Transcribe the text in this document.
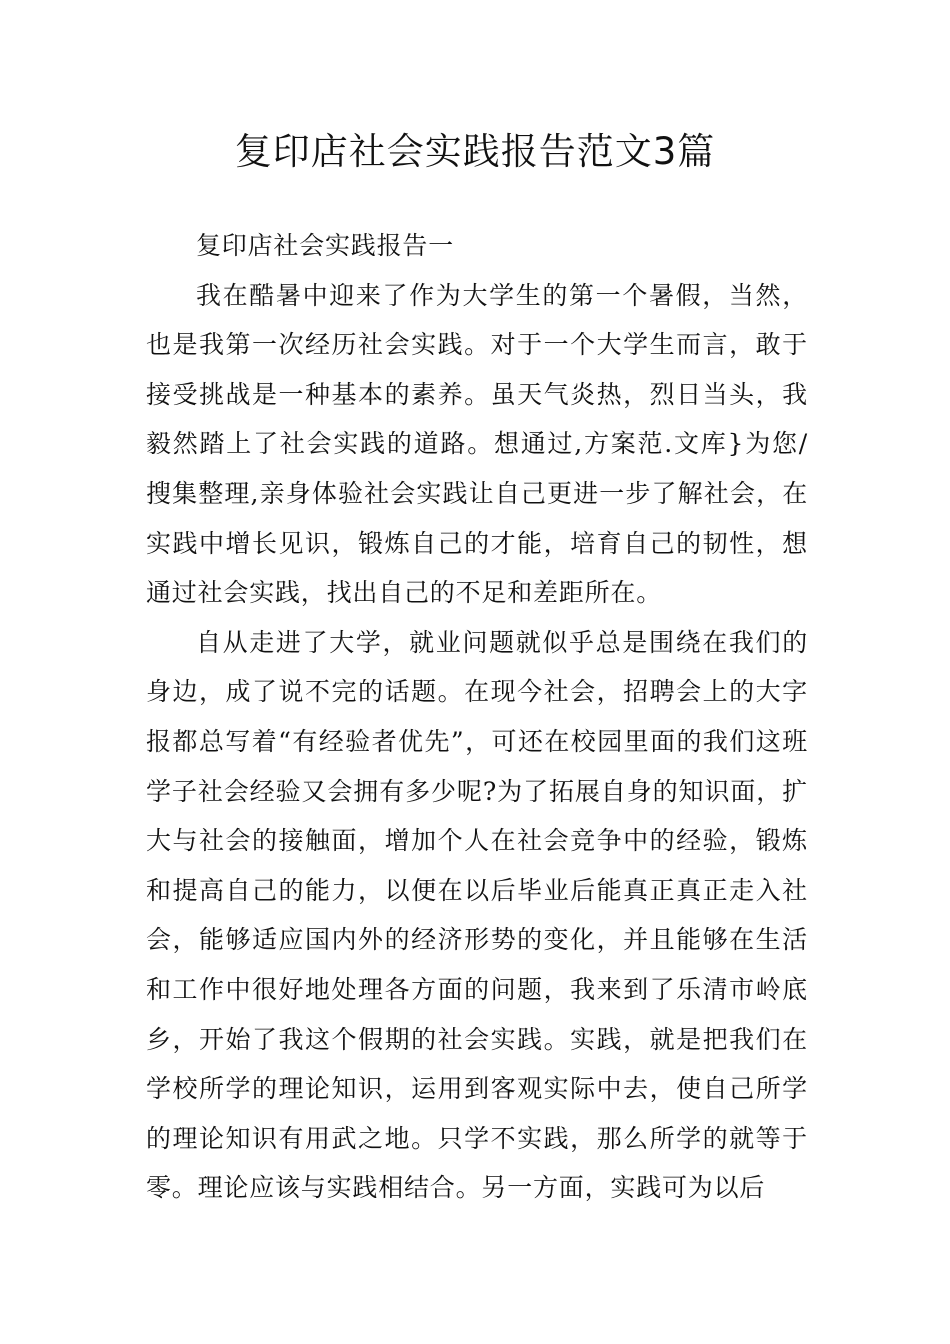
复印店社会实践报告范文3篇

复印店社会实践报告一

我在酷暑中迎来了作为大学生的第一个暑假，当然，也是我第一次经历社会实践。对于一个大学生而言，敢于接受挑战是一种基本的素养。虽天气炎热，烈日当头，我毅然踏上了社会实践的道路。想通过,方案范.文库}为您/搜集整理,亲身体验社会实践让自己更进一步了解社会，在实践中增长见识，锻炼自己的才能，培育自己的韧性，想通过社会实践，找出自己的不足和差距所在。

自从走进了大学，就业问题就似乎总是围绕在我们的身边，成了说不完的话题。在现今社会，招聘会上的大字报都总写着“有经验者优先”，可还在校园里面的我们这班学子社会经验又会拥有多少呢?为了拓展自身的知识面，扩大与社会的接触面，增加个人在社会竞争中的经验，锻炼和提高自己的能力，以便在以后毕业后能真正真正走入社会，能够适应国内外的经济形势的变化，并且能够在生活和工作中很好地处理各方面的问题，我来到了乐清市岭底乡，开始了我这个假期的社会实践。实践，就是把我们在学校所学的理论知识，运用到客观实际中去，使自己所学的理论知识有用武之地。只学不实践，那么所学的就等于零。理论应该与实践相结合。另一方面，实践可为以后
